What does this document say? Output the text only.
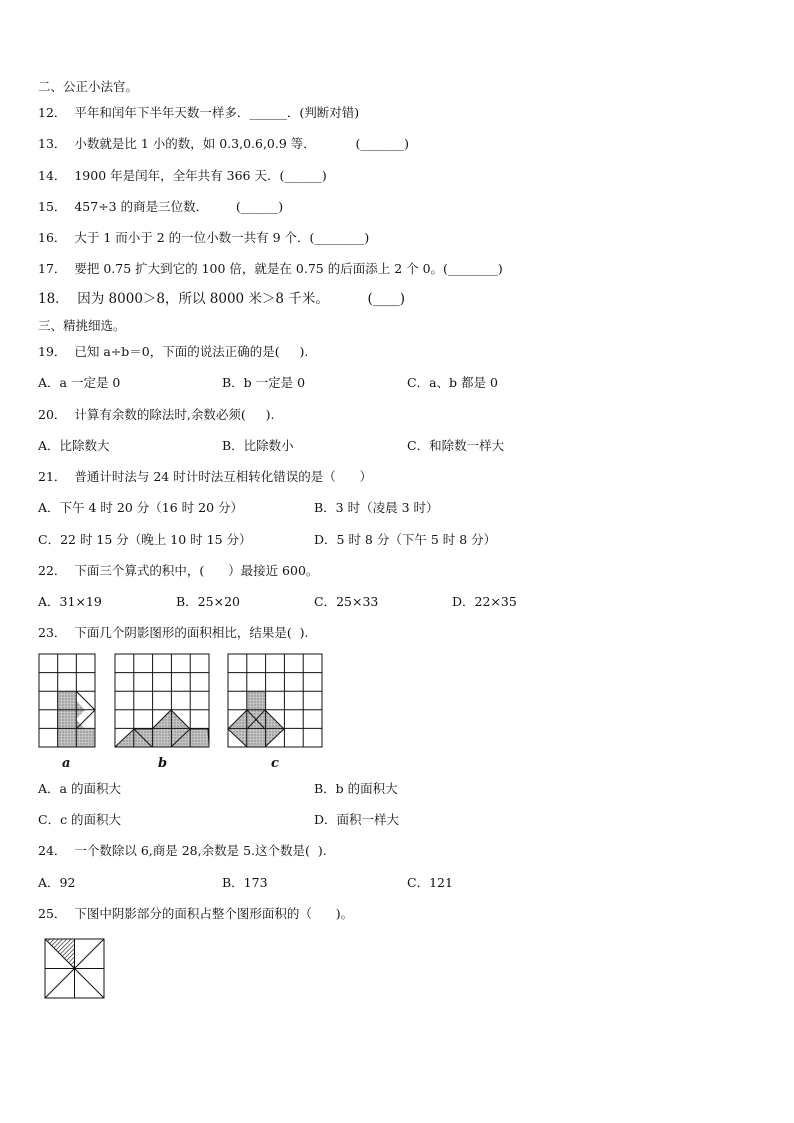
二、公正小法官。
12．  平年和闰年下半年天数一样多．______．(判断对错)
13．  小数就是比 1 小的数，如 0.3,0.6,0.9 等．          (_______)
14．  1900 年是闰年，全年共有 366 天．(______)
15．  457÷3 的商是三位数．       (______)
16．  大于 1 而小于 2 的一位小数一共有 9 个．(________)
17．  要把 0.75 扩大到它的 100 倍，就是在 0.75 的后面添上 2 个 0。(________)
18．  因为 8000＞8，所以 8000 米＞8 千米。         (____)
三、精挑细选。
19．  已知 a÷b＝0，下面的说法正确的是(     ).
A．a 一定是 0	B．b 一定是 0	C．a、b 都是 0
20．  计算有余数的除法时,余数必须(     ).
A．比除数大	B．比除数小	C．和除数一样大
21．  普通计时法与 24 时计时法互相转化错误的是（      ）
A．下午 4 时 20 分（16 时 20 分）	B．3 时（凌晨 3 时）
C．22 时 15 分（晚上 10 时 15 分）	D．5 时 8 分（下午 5 时 8 分）
22．  下面三个算式的积中，(      ）最接近 600。
A．31×19	B．25×20	C．25×33	D．22×35
23．  下面几个阴影图形的面积相比，结果是(  ).
a	b	c
A．a 的面积大	B．b 的面积大
C．c 的面积大	D．面积一样大
24．  一个数除以 6,商是 28,余数是 5.这个数是(  ).
A．92	B．173	C．121
25．  下图中阴影部分的面积占整个图形面积的（      )。
